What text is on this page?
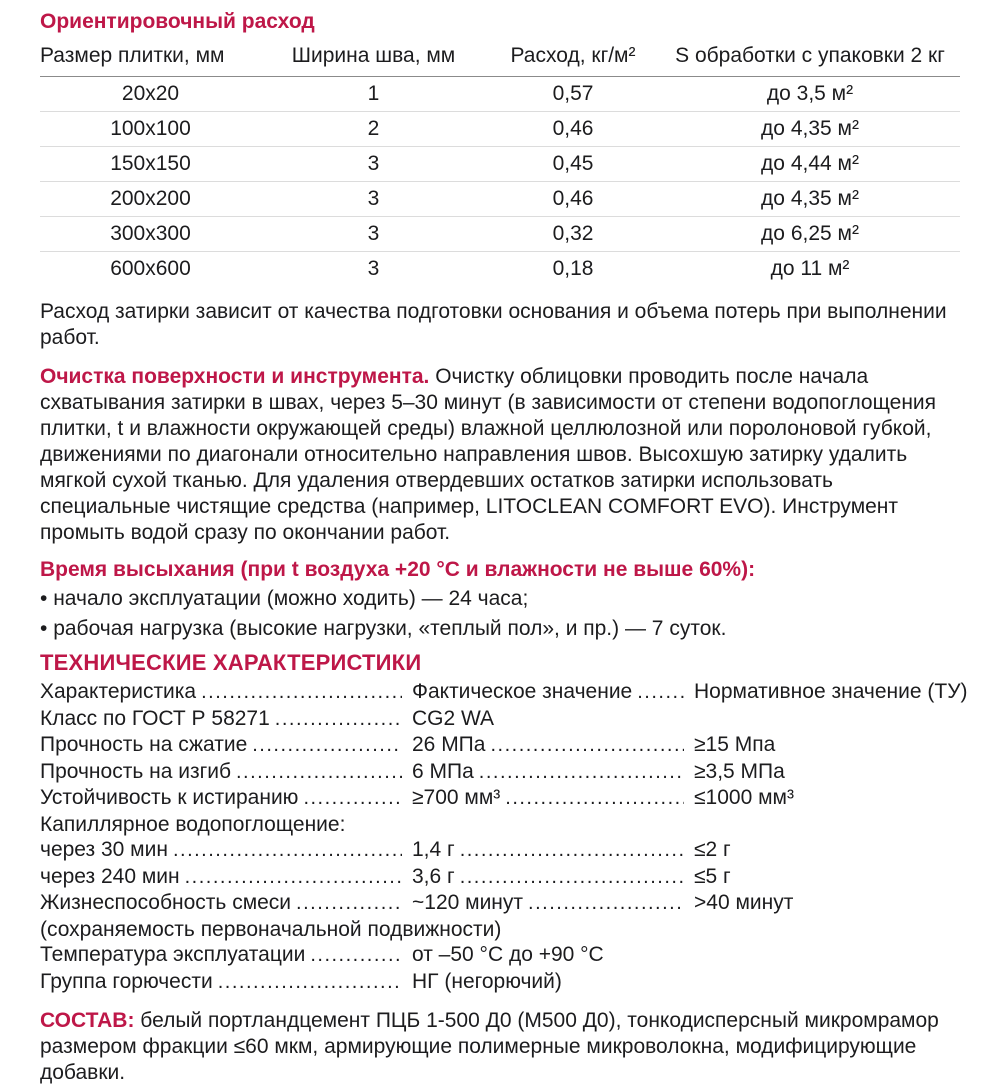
Ориентировочный расход
Размер плитки, мм	Ширина шва, мм	Расход, кг/м²	S обработки с упаковки 2 кг
20x20	1	0,57	до 3,5 м²
100x100	2	0,46	до 4,35 м²
150x150	3	0,45	до 4,44 м²
200x200	3	0,46	до 4,35 м²
300x300	3	0,32	до 6,25 м²
600x600	3	0,18	до 11 м²

Расход затирки зависит от качества подготовки основания и объема потерь при выполнении работ.

Очистка поверхности и инструмента. Очистку облицовки проводить после начала схватывания затирки в швах, через 5–30 минут (в зависимости от степени водопоглощения плитки, t и влажности окружающей среды) влажной целлюлозной или поролоновой губкой, движениями по диагонали относительно направления швов. Высохшую затирку удалить мягкой сухой тканью. Для удаления отвердевших остатков затирки использовать специальные чистящие средства (например, LITOCLEAN COMFORT EVO). Инструмент промыть водой сразу по окончании работ.

Время высыхания (при t воздуха +20 °C и влажности не выше 60%):

• начало эксплуатации (можно ходить) — 24 часа;
• рабочая нагрузка (высокие нагрузки, «теплый пол», и пр.) — 7 суток.
ТЕХНИЧЕСКИЕ ХАРАКТЕРИСТИКИ
Характеристика .....	Фактическое значение .....	Нормативное значение (ТУ)
Класс по ГОСТ Р 58271 .....	CG2 WA
Прочность на сжатие .....	26 МПа .....	≥15 Мпа
Прочность на изгиб .....	6 МПа .....	≥3,5 МПа
Устойчивость к истиранию .....	≥700 мм³ .....	≤1000 мм³
Капиллярное водопоглощение:
через 30 мин .....	1,4 г .....	≤2 г
через 240 мин .....	3,6 г .....	≤5 г
Жизнеспособность смеси .....	~120 минут .....	>40 минут
(сохраняемость первоначальной подвижности)
Температура эксплуатации .....	от –50 °C до +90 °C
Группа горючести .....	НГ (негорючий)

СОСТАВ: белый портландцемент ПЦБ 1-500 Д0 (М500 Д0), тонкодисперсный микромрамор размером фракции ≤60 мкм, армирующие полимерные микроволокна, модифицирующие добавки.
